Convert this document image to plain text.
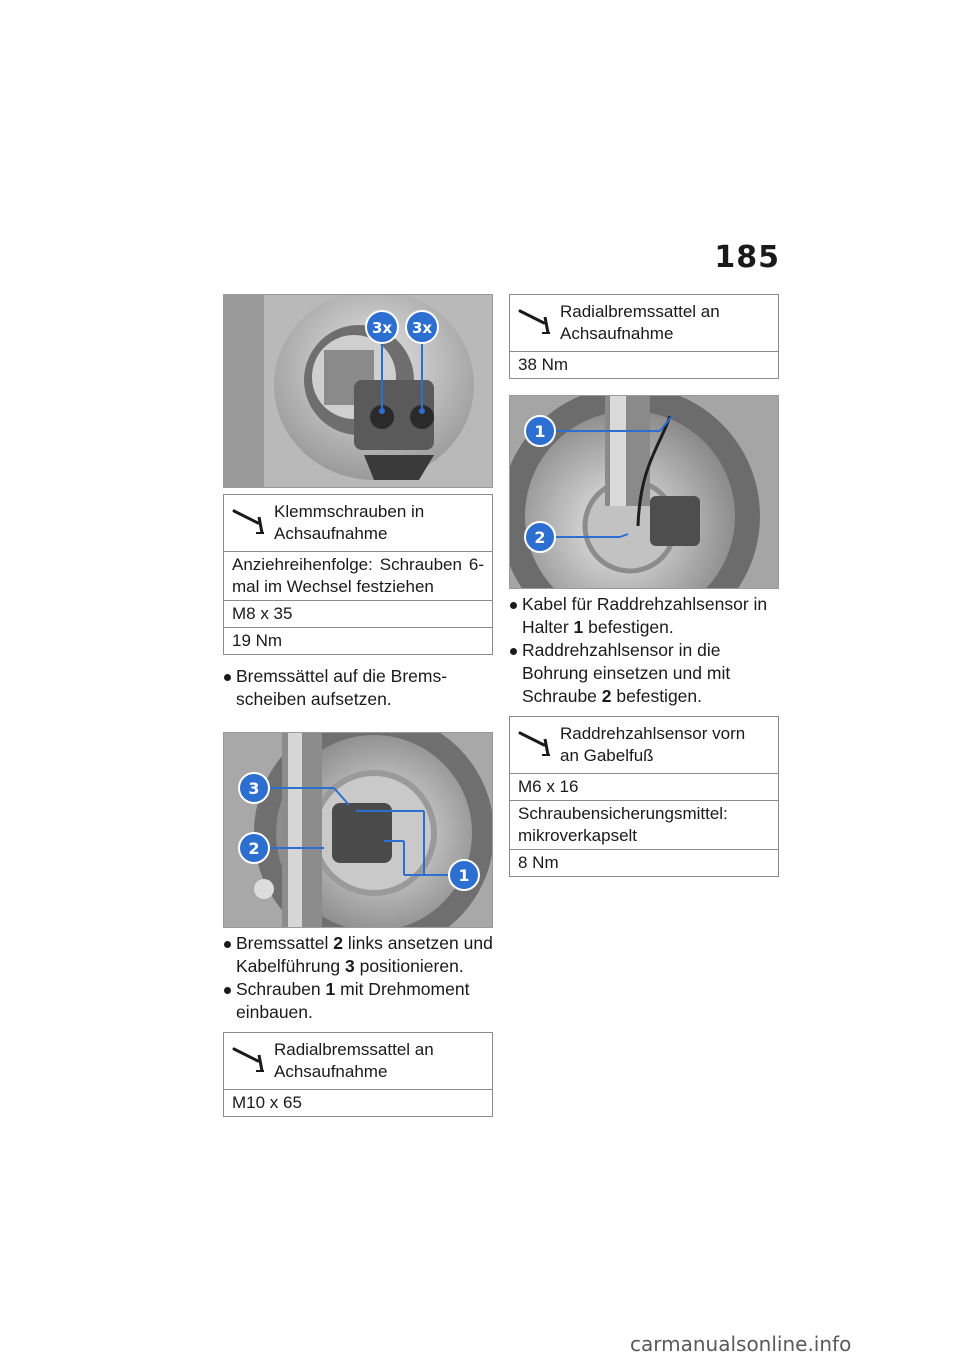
185
3x 3x
Klemmschrauben in
Achsaufnahme
Anziehreihenfolge: Schrauben 6-mal im Wechsel festziehen
M8 x 35
19 Nm
Bremssättel auf die Brems-
scheiben aufsetzen.
3
2
1
Bremssattel 2 links ansetzen und Kabelführung 3 positionieren.
Schrauben 1 mit Drehmoment einbauen.
Radialbremssattel an
Achsaufnahme
M10 x 65
Radialbremssattel an
Achsaufnahme
38 Nm
1
2
Kabel für Raddrehzahlsensor in Halter 1 befestigen.
Raddrehzahlsensor in die Bohrung einsetzen und mit Schraube 2 befestigen.
Raddrehzahlsensor vorn
an Gabelfuß
M6 x 16
Schraubensicherungsmittel: mikroverkapselt
8 Nm
carmanualsonline.info
